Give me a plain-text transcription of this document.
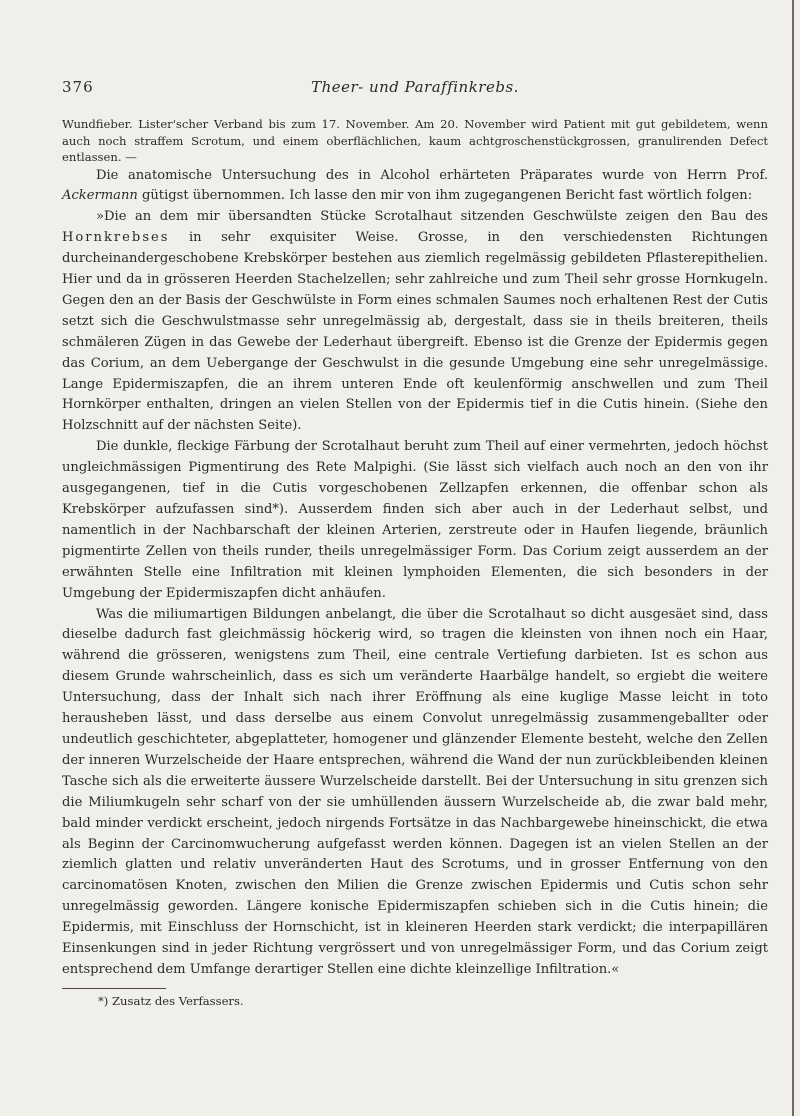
376	Theer- und Paraffinkrebs.

Wundfieber. Lister'scher Verband bis zum 17. November. Am 20. November wird Patient mit gut gebildetem, wenn auch noch straffem Scrotum, und einem oberflächlichen, kaum achtgroschenstückgrossen, granulirenden Defect entlassen. —

Die anatomische Untersuchung des in Alcohol erhärteten Präparates wurde von Herrn Prof. Ackermann gütigst übernommen. Ich lasse den mir von ihm zugegangenen Bericht fast wörtlich folgen:

»Die an dem mir übersandten Stücke Scrotalhaut sitzenden Geschwülste zeigen den Bau des Hornkrebses in sehr exquisiter Weise. Grosse, in den verschiedensten Richtungen durcheinandergeschobene Krebskörper bestehen aus ziemlich regelmässig gebildeten Pflasterepithelien. Hier und da in grösseren Heerden Stachelzellen; sehr zahlreiche und zum Theil sehr grosse Hornkugeln. Gegen den an der Basis der Geschwülste in Form eines schmalen Saumes noch erhaltenen Rest der Cutis setzt sich die Geschwulstmasse sehr unregelmässig ab, dergestalt, dass sie in theils breiteren, theils schmäleren Zügen in das Gewebe der Lederhaut übergreift. Ebenso ist die Grenze der Epidermis gegen das Corium, an dem Uebergange der Geschwulst in die gesunde Umgebung eine sehr unregelmässige. Lange Epidermiszapfen, die an ihrem unteren Ende oft keulenförmig anschwellen und zum Theil Hornkörper enthalten, dringen an vielen Stellen von der Epidermis tief in die Cutis hinein. (Siehe den Holzschnitt auf der nächsten Seite).

Die dunkle, fleckige Färbung der Scrotalhaut beruht zum Theil auf einer vermehrten, jedoch höchst ungleichmässigen Pigmentirung des Rete Malpighi. (Sie lässt sich vielfach auch noch an den von ihr ausgegangenen, tief in die Cutis vorgeschobenen Zellzapfen erkennen, die offenbar schon als Krebskörper aufzufassen sind*). Ausserdem finden sich aber auch in der Lederhaut selbst, und namentlich in der Nachbarschaft der kleinen Arterien, zerstreute oder in Haufen liegende, bräunlich pigmentirte Zellen von theils runder, theils unregelmässiger Form. Das Corium zeigt ausserdem an der erwähnten Stelle eine Infiltration mit kleinen lymphoiden Elementen, die sich besonders in der Umgebung der Epidermiszapfen dicht anhäufen.

Was die miliumartigen Bildungen anbelangt, die über die Scrotalhaut so dicht ausgesäet sind, dass dieselbe dadurch fast gleichmässig höckerig wird, so tragen die kleinsten von ihnen noch ein Haar, während die grösseren, wenigstens zum Theil, eine centrale Vertiefung darbieten. Ist es schon aus diesem Grunde wahrscheinlich, dass es sich um veränderte Haarbälge handelt, so ergiebt die weitere Untersuchung, dass der Inhalt sich nach ihrer Eröffnung als eine kuglige Masse leicht in toto herausheben lässt, und dass derselbe aus einem Convolut unregelmässig zusammengeballter oder undeutlich geschichteter, abgeplatteter, homogener und glänzender Elemente besteht, welche den Zellen der inneren Wurzelscheide der Haare entsprechen, während die Wand der nun zurückbleibenden kleinen Tasche sich als die erweiterte äussere Wurzelscheide darstellt. Bei der Untersuchung in situ grenzen sich die Miliumkugeln sehr scharf von der sie umhüllenden äussern Wurzelscheide ab, die zwar bald mehr, bald minder verdickt erscheint, jedoch nirgends Fortsätze in das Nachbargewebe hineinschickt, die etwa als Beginn der Carcinomwucherung aufgefasst werden können. Dagegen ist an vielen Stellen an der ziemlich glatten und relativ unveränderten Haut des Scrotums, und in grosser Entfernung von den carcinomatösen Knoten, zwischen den Milien die Grenze zwischen Epidermis und Cutis schon sehr unregelmässig geworden. Längere konische Epidermiszapfen schieben sich in die Cutis hinein; die Epidermis, mit Einschluss der Hornschicht, ist in kleineren Heerden stark verdickt; die interpapillären Einsenkungen sind in jeder Richtung vergrössert und von unregelmässiger Form, und das Corium zeigt entsprechend dem Umfange derartiger Stellen eine dichte kleinzellige Infiltration.«

*) Zusatz des Verfassers.
